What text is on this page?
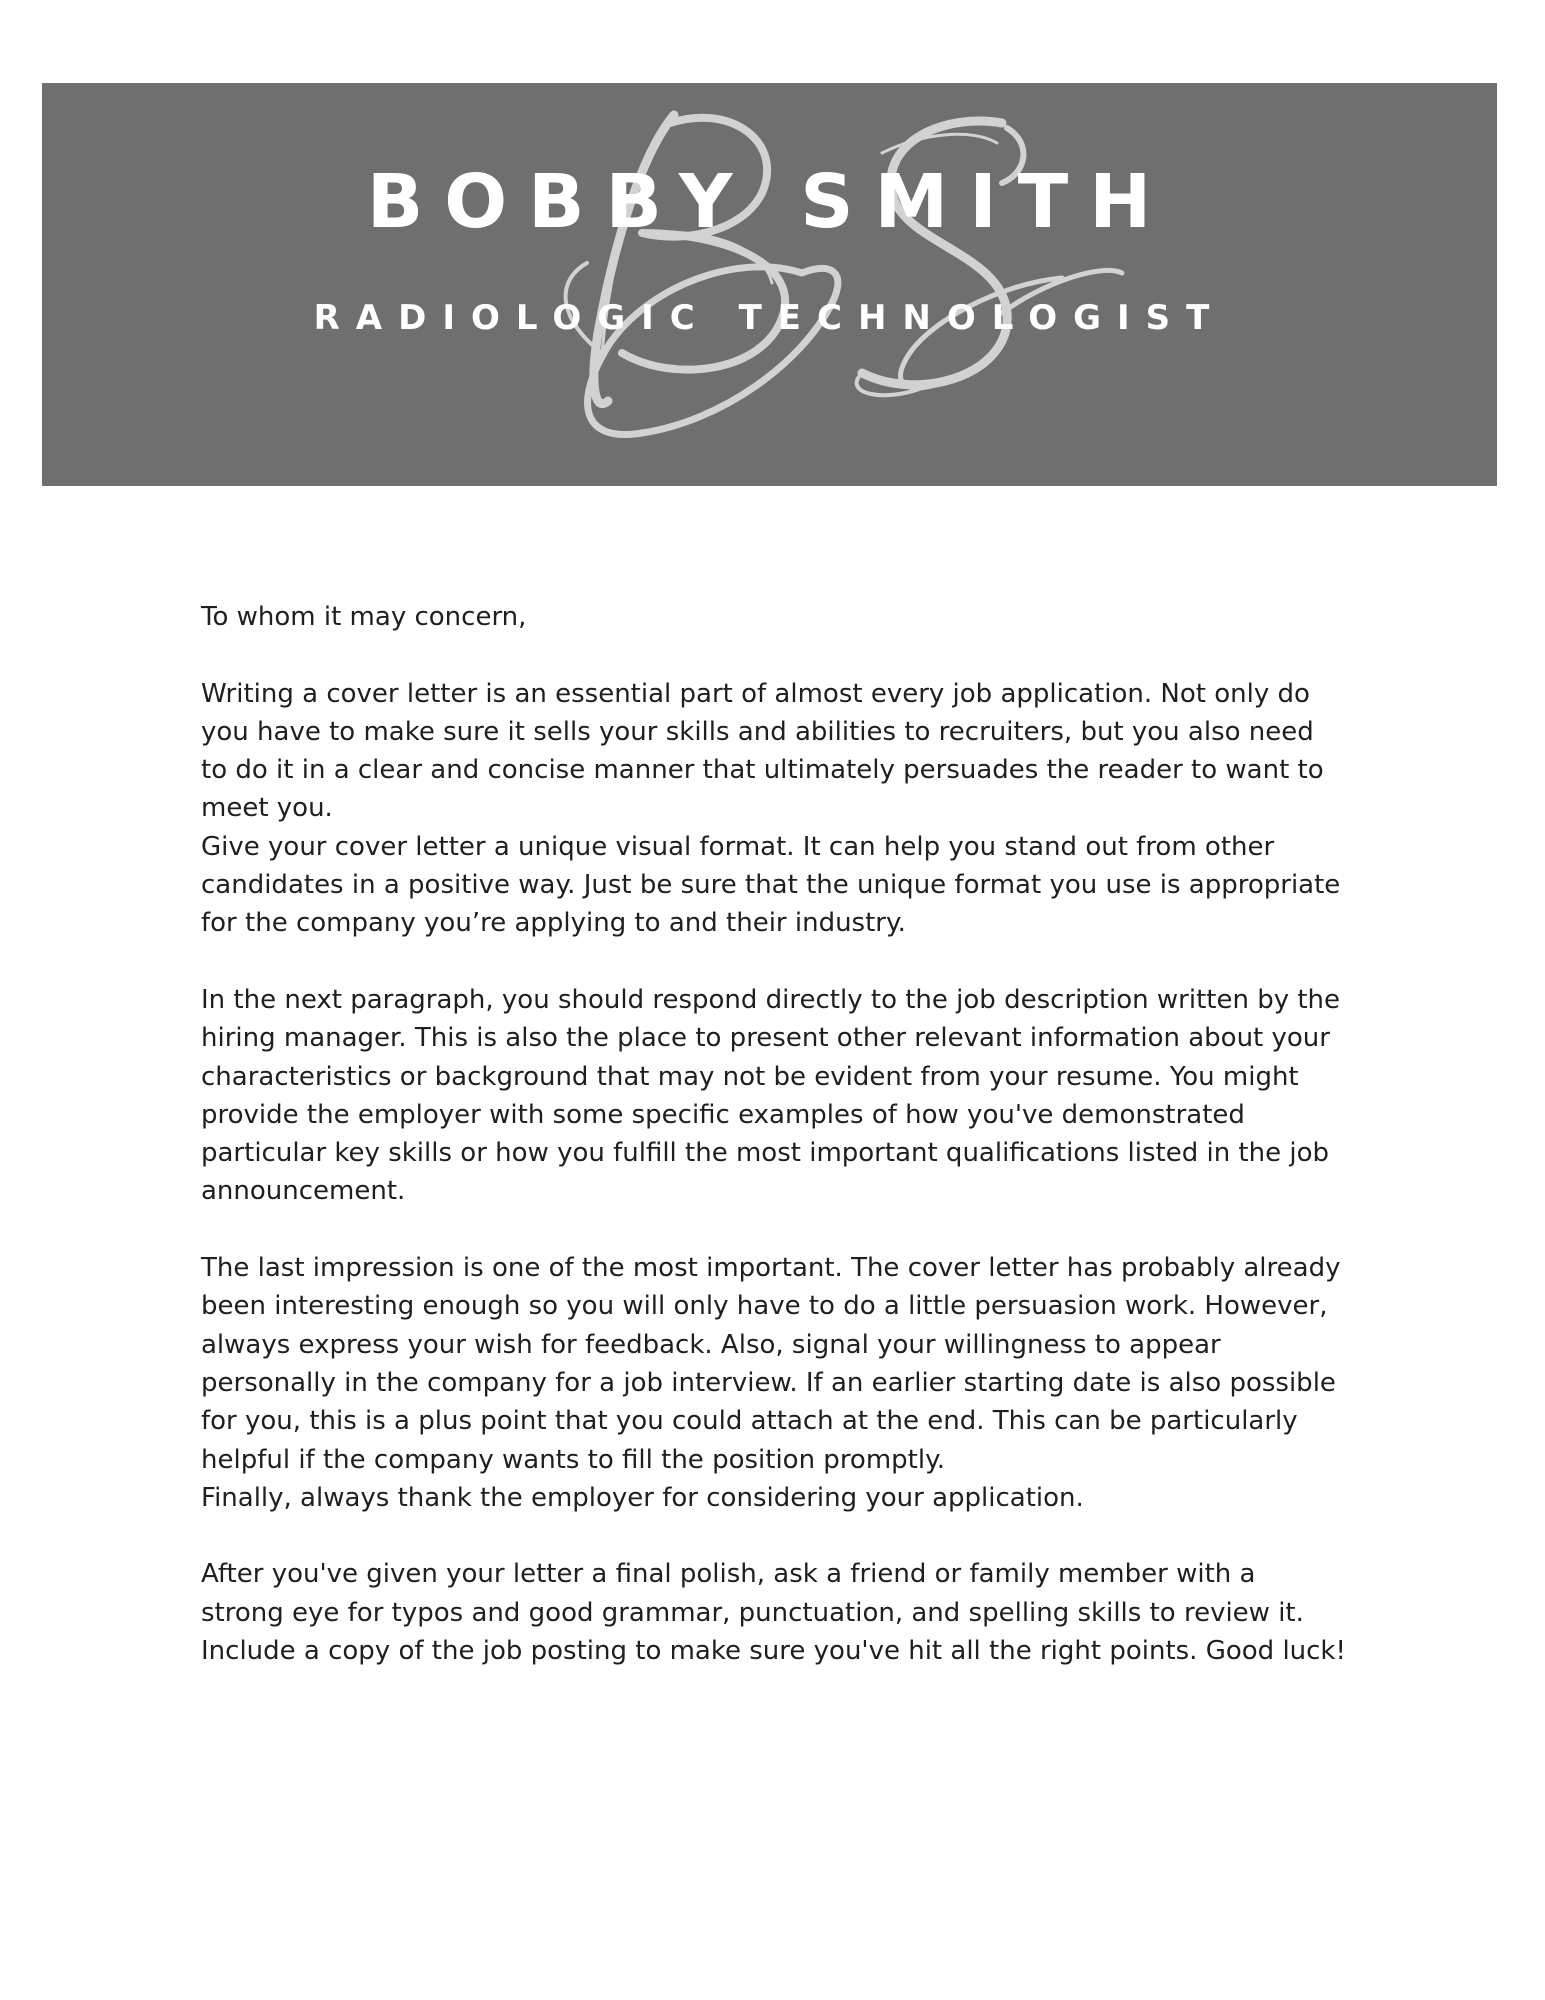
BOBBY SMITH
RADIOLOGIC TECHNOLOGIST

To whom it may concern,

Writing a cover letter is an essential part of almost every job application. Not only do you have to make sure it sells your skills and abilities to recruiters, but you also need to do it in a clear and concise manner that ultimately persuades the reader to want to meet you.

Give your cover letter a unique visual format. It can help you stand out from other candidates in a positive way. Just be sure that the unique format you use is appropriate for the company you’re applying to and their industry.

In the next paragraph, you should respond directly to the job description written by the hiring manager. This is also the place to present other relevant information about your characteristics or background that may not be evident from your resume. You might provide the employer with some specific examples of how you've demonstrated particular key skills or how you fulfill the most important qualifications listed in the job announcement.

The last impression is one of the most important. The cover letter has probably already been interesting enough so you will only have to do a little persuasion work. However, always express your wish for feedback. Also, signal your willingness to appear personally in the company for a job interview. If an earlier starting date is also possible for you, this is a plus point that you could attach at the end. This can be particularly helpful if the company wants to fill the position promptly.

Finally, always thank the employer for considering your application.

After you've given your letter a final polish, ask a friend or family member with a strong eye for typos and good grammar, punctuation, and spelling skills to review it. Include a copy of the job posting to make sure you've hit all the right points. Good luck!
